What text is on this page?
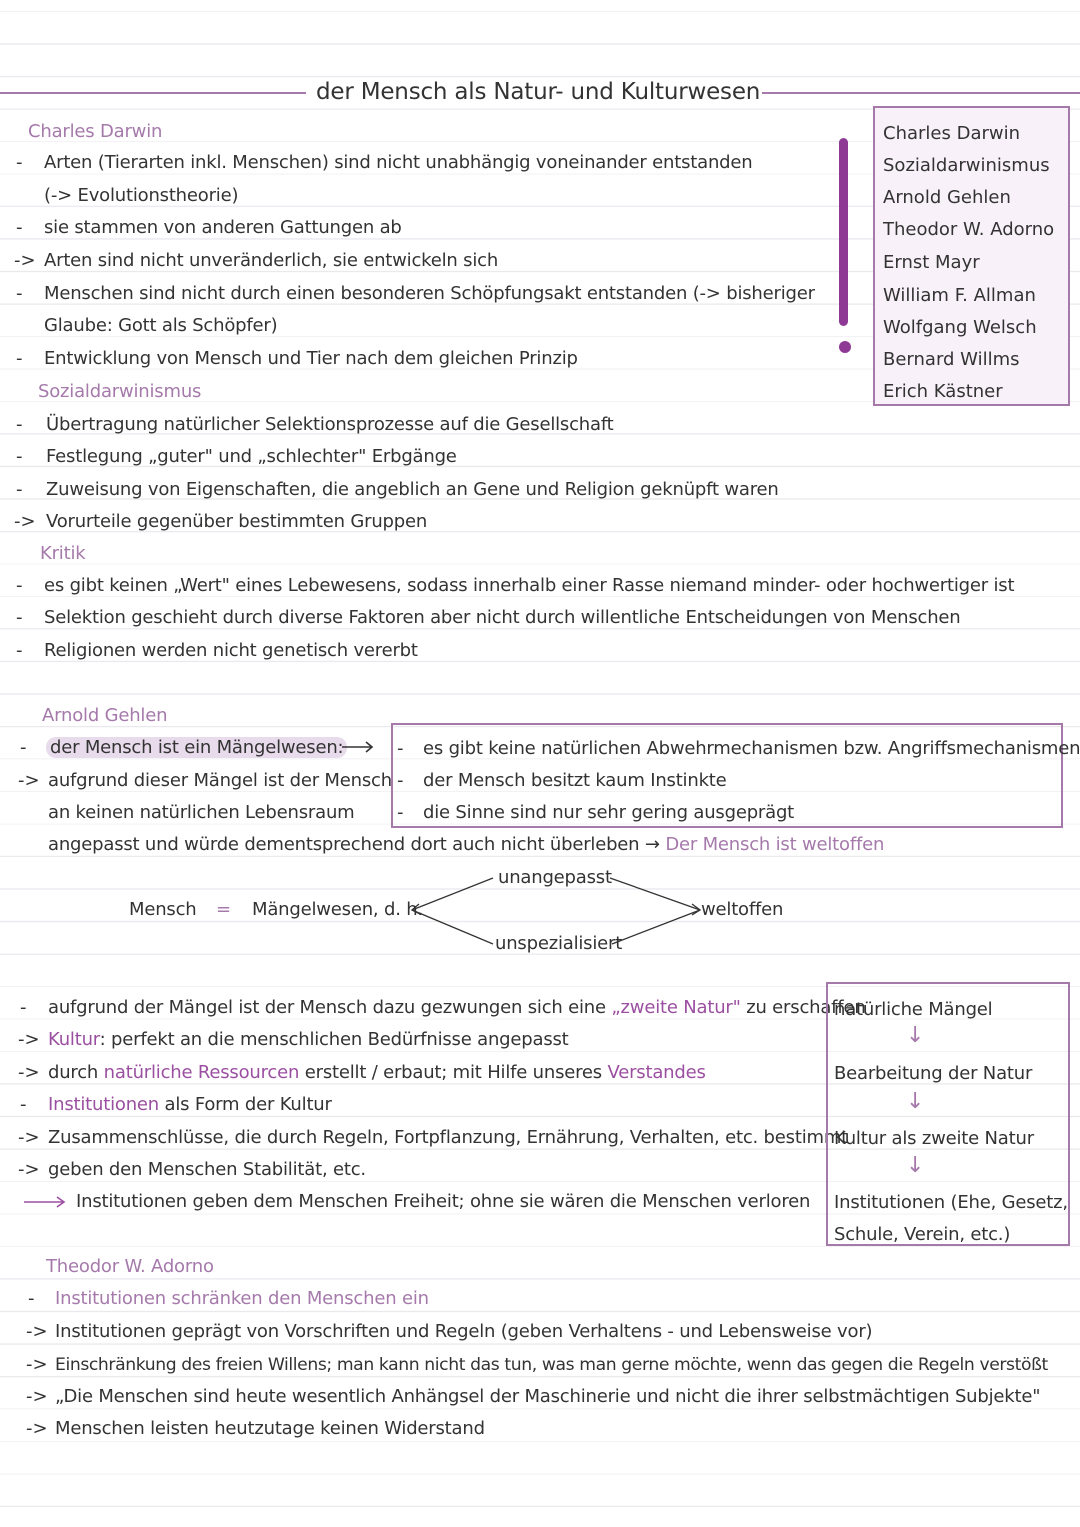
der Mensch als Natur- und Kulturwesen
Charles Darwin
Sozialdarwinismus
Arnold Gehlen
Theodor W. Adorno
Ernst Mayr
William F. Allman
Wolfgang Welsch
Bernard Willms
Erich Kästner
Charles Darwin
- Arten (Tierarten inkl. Menschen) sind nicht unabhängig voneinander entstanden
(-> Evolutionstheorie)
- sie stammen von anderen Gattungen ab
-> Arten sind nicht unveränderlich, sie entwickeln sich
- Menschen sind nicht durch einen besonderen Schöpfungsakt entstanden (-> bisheriger
Glaube: Gott als Schöpfer)
- Entwicklung von Mensch und Tier nach dem gleichen Prinzip
Sozialdarwinismus
- Übertragung natürlicher Selektionsprozesse auf die Gesellschaft
- Festlegung „guter" und „schlechter" Erbgänge
- Zuweisung von Eigenschaften, die angeblich an Gene und Religion geknüpft waren
-> Vorurteile gegenüber bestimmten Gruppen
Kritik
- es gibt keinen „Wert" eines Lebewesens, sodass innerhalb einer Rasse niemand minder- oder hochwertiger ist
- Selektion geschieht durch diverse Faktoren aber nicht durch willentliche Entscheidungen von Menschen
- Religionen werden nicht genetisch vererbt
Arnold Gehlen
- der Mensch ist ein Mängelwesen:
-> aufgrund dieser Mängel ist der Mensch
an keinen natürlichen Lebensraum
angepasst und würde dementsprechend dort auch nicht überleben → Der Mensch ist weltoffen
- es gibt keine natürlichen Abwehrmechanismen bzw. Angriffsmechanismen
- der Mensch besitzt kaum Instinkte
- die Sinne sind nur sehr gering ausgeprägt
Mensch = Mängelwesen, d. h.
unangepasst
unspezialisiert
weltoffen
- aufgrund der Mängel ist der Mensch dazu gezwungen sich eine „zweite Natur" zu erschaffen
-> Kultur: perfekt an die menschlichen Bedürfnisse angepasst
-> durch natürliche Ressourcen erstellt / erbaut; mit Hilfe unseres Verstandes
- Institutionen als Form der Kultur
-> Zusammenschlüsse, die durch Regeln, Fortpflanzung, Ernährung, Verhalten, etc. bestimmt
-> geben den Menschen Stabilität, etc.
Institutionen geben dem Menschen Freiheit; ohne sie wären die Menschen verloren
natürliche Mängel
↓
Bearbeitung der Natur
↓
Kultur als zweite Natur
↓
Institutionen (Ehe, Gesetz,
Schule, Verein, etc.)
Theodor W. Adorno
- Institutionen schränken den Menschen ein
-> Institutionen geprägt von Vorschriften und Regeln (geben Verhaltens - und Lebensweise vor)
-> Einschränkung des freien Willens; man kann nicht das tun, was man gerne möchte, wenn das gegen die Regeln verstößt
-> „Die Menschen sind heute wesentlich Anhängsel der Maschinerie und nicht die ihrer selbstmächtigen Subjekte"
-> Menschen leisten heutzutage keinen Widerstand
